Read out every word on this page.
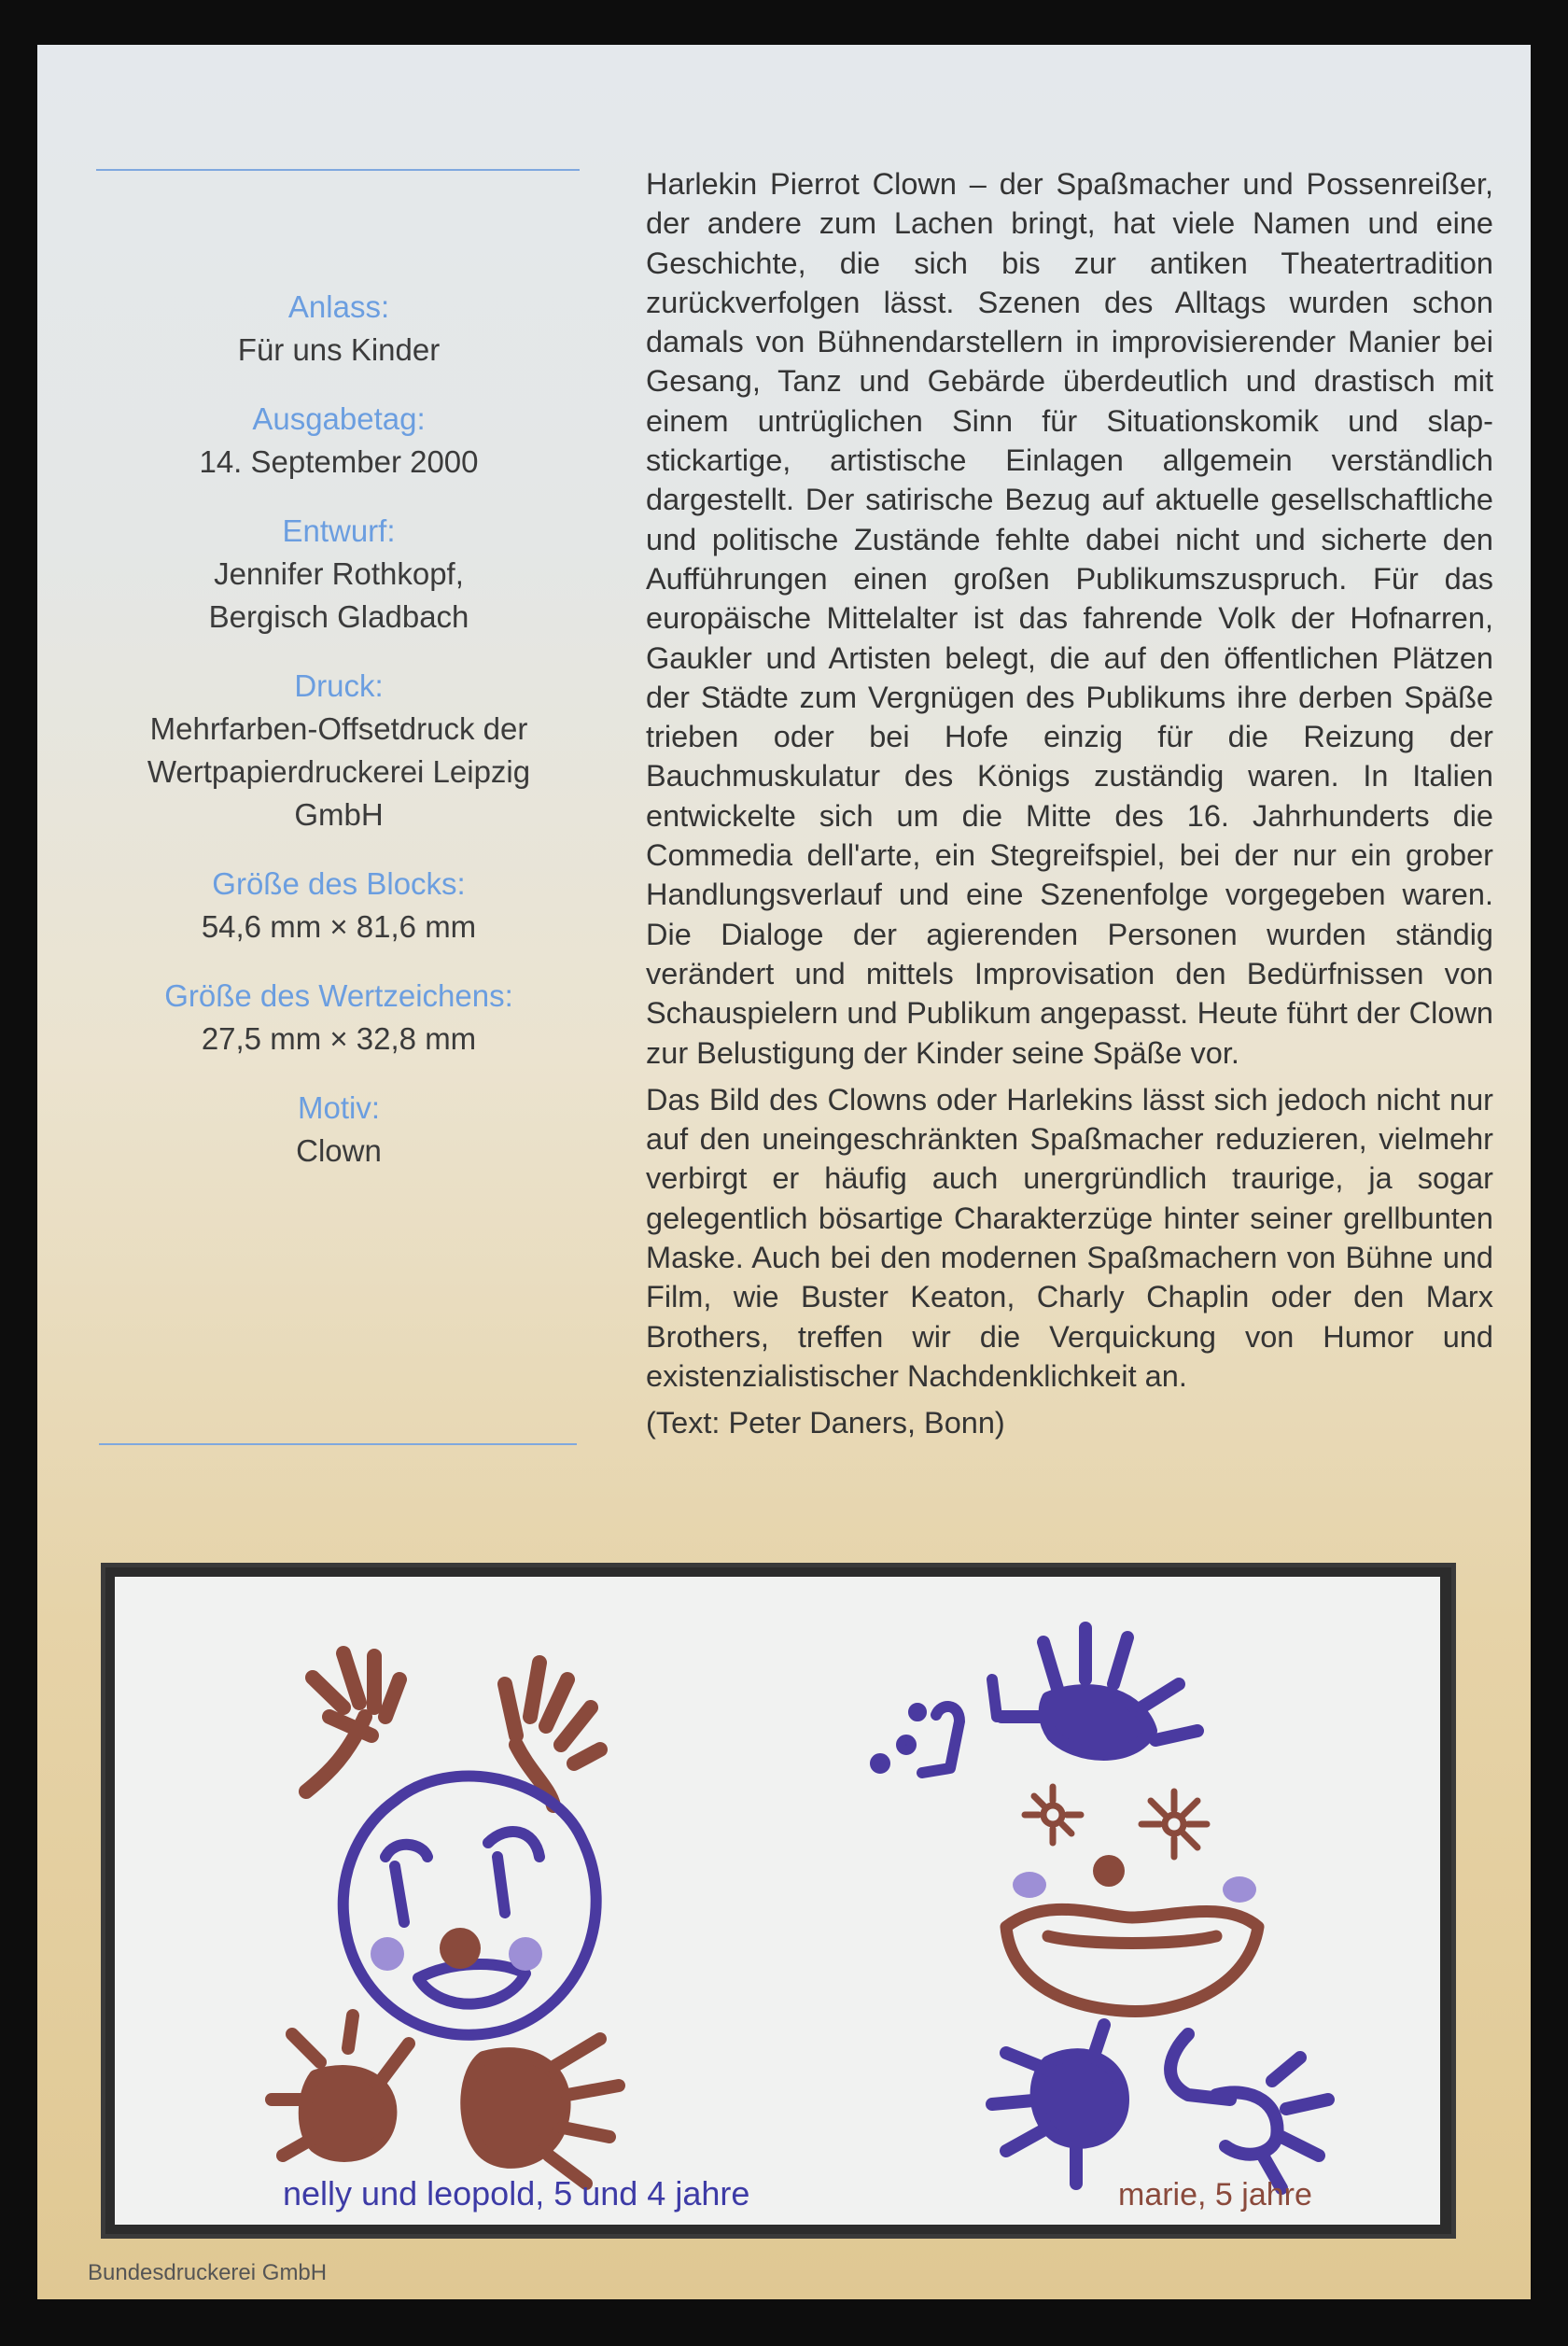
Anlass:
Für uns Kinder
Ausgabetag:
14. September 2000
Entwurf:
Jennifer Rothkopf,
Bergisch Gladbach
Druck:
Mehrfarben-Offsetdruck der
Wertpapierdruckerei Leipzig
GmbH
Größe des Blocks:
54,6 mm × 81,6 mm
Größe des Wertzeichens:
27,5 mm × 32,8 mm
Motiv:
Clown

Harlekin Pierrot Clown – der Spaßmacher und Possenreißer, der andere zum Lachen bringt, hat viele Namen und eine Geschichte, die sich bis zur antiken Theatertradition zurückverfolgen lässt. Szenen des Alltags wurden schon damals von Bühnendarstellern in improvisierender Manier bei Gesang, Tanz und Gebärde überdeutlich und drastisch mit einem untrüglichen Sinn für Situationskomik und slapstickartige, artistische Einlagen allgemein verständlich dargestellt. Der satirische Bezug auf aktuelle gesellschaftliche und politische Zustände fehlte dabei nicht und sicherte den Aufführungen einen großen Publikumszuspruch. Für das europäische Mittelalter ist das fahrende Volk der Hofnarren, Gaukler und Artisten belegt, die auf den öffentlichen Plätzen der Städte zum Vergnügen des Publikums ihre derben Späße trieben oder bei Hofe einzig für die Reizung der Bauchmuskulatur des Königs zuständig waren. In Italien entwickelte sich um die Mitte des 16. Jahrhunderts die Commedia dell'arte, ein Stegreifspiel, bei der nur ein grober Handlungsverlauf und eine Szenenfolge vorgegeben waren. Die Dialoge der agierenden Personen wurden ständig verändert und mittels Improvisation den Bedürfnissen von Schauspielern und Publikum angepasst. Heute führt der Clown zur Belustigung der Kinder seine Späße vor.

Das Bild des Clowns oder Harlekins lässt sich jedoch nicht nur auf den uneingeschränkten Spaßmacher reduzieren, vielmehr verbirgt er häufig auch unergründlich traurige, ja sogar gelegentlich bösartige Charakterzüge hinter seiner grellbunten Maske. Auch bei den modernen Spaßmachern von Bühne und Film, wie Buster Keaton, Charly Chaplin oder den Marx Brothers, treffen wir die Verquickung von Humor und existenzialistischer Nachdenklichkeit an.

(Text: Peter Daners, Bonn)

nelly und leopold, 5 und 4 jahre	marie, 5 jahre
Bundesdruckerei GmbH
